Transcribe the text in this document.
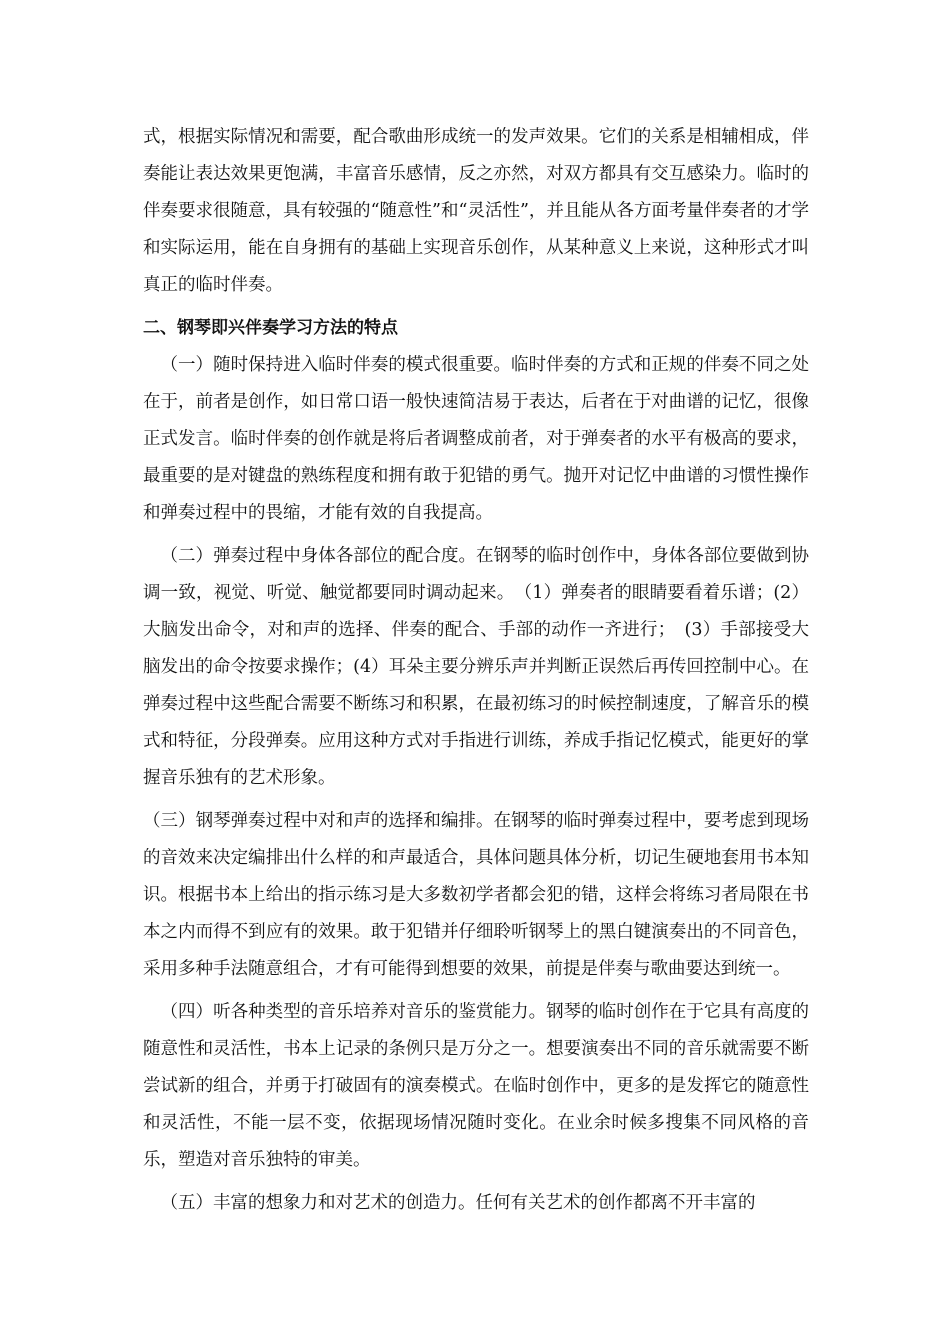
式，根据实际情况和需要，配合歌曲形成统一的发声效果。它们的关系是相辅相成，伴奏能让表达效果更饱满，丰富音乐感情，反之亦然，对双方都具有交互感染力。临时的伴奏要求很随意，具有较强的“随意性”和“灵活性”，并且能从各方面考量伴奏者的才学和实际运用，能在自身拥有的基础上实现音乐创作，从某种意义上来说，这种形式才叫真正的临时伴奏。

二、钢琴即兴伴奏学习方法的特点

（一）随时保持进入临时伴奏的模式很重要。临时伴奏的方式和正规的伴奏不同之处在于，前者是创作，如日常口语一般快速简洁易于表达，后者在于对曲谱的记忆，很像正式发言。临时伴奏的创作就是将后者调整成前者，对于弹奏者的水平有极高的要求，最重要的是对键盘的熟练程度和拥有敢于犯错的勇气。抛开对记忆中曲谱的习惯性操作和弹奏过程中的畏缩，才能有效的自我提高。

（二）弹奏过程中身体各部位的配合度。在钢琴的临时创作中，身体各部位要做到协调一致，视觉、听觉、触觉都要同时调动起来。　（1）弹奏者的眼睛要看着乐谱；(2）大脑发出命令，对和声的选择、伴奏的配合、手部的动作一齐进行；　(3）手部接受大脑发出的命令按要求操作；(4）耳朵主要分辨乐声并判断正误然后再传回控制中心。在弹奏过程中这些配合需要不断练习和积累，在最初练习的时候控制速度，了解音乐的模式和特征，分段弹奏。应用这种方式对手指进行训练，养成手指记忆模式，能更好的掌握音乐独有的艺术形象。

（三）钢琴弹奏过程中对和声的选择和编排。在钢琴的临时弹奏过程中，要考虑到现场的音效来决定编排出什么样的和声最适合，具体问题具体分析，切记生硬地套用书本知识。根据书本上给出的指示练习是大多数初学者都会犯的错，这样会将练习者局限在书本之内而得不到应有的效果。敢于犯错并仔细聆听钢琴上的黑白键演奏出的不同音色，采用多种手法随意组合，才有可能得到想要的效果，前提是伴奏与歌曲要达到统一。

（四）听各种类型的音乐培养对音乐的鉴赏能力。钢琴的临时创作在于它具有高度的随意性和灵活性，书本上记录的条例只是万分之一。想要演奏出不同的音乐就需要不断尝试新的组合，并勇于打破固有的演奏模式。在临时创作中，更多的是发挥它的随意性和灵活性，不能一层不变，依据现场情况随时变化。在业余时候多搜集不同风格的音乐，塑造对音乐独特的审美。

（五）丰富的想象力和对艺术的创造力。任何有关艺术的创作都离不开丰富的
